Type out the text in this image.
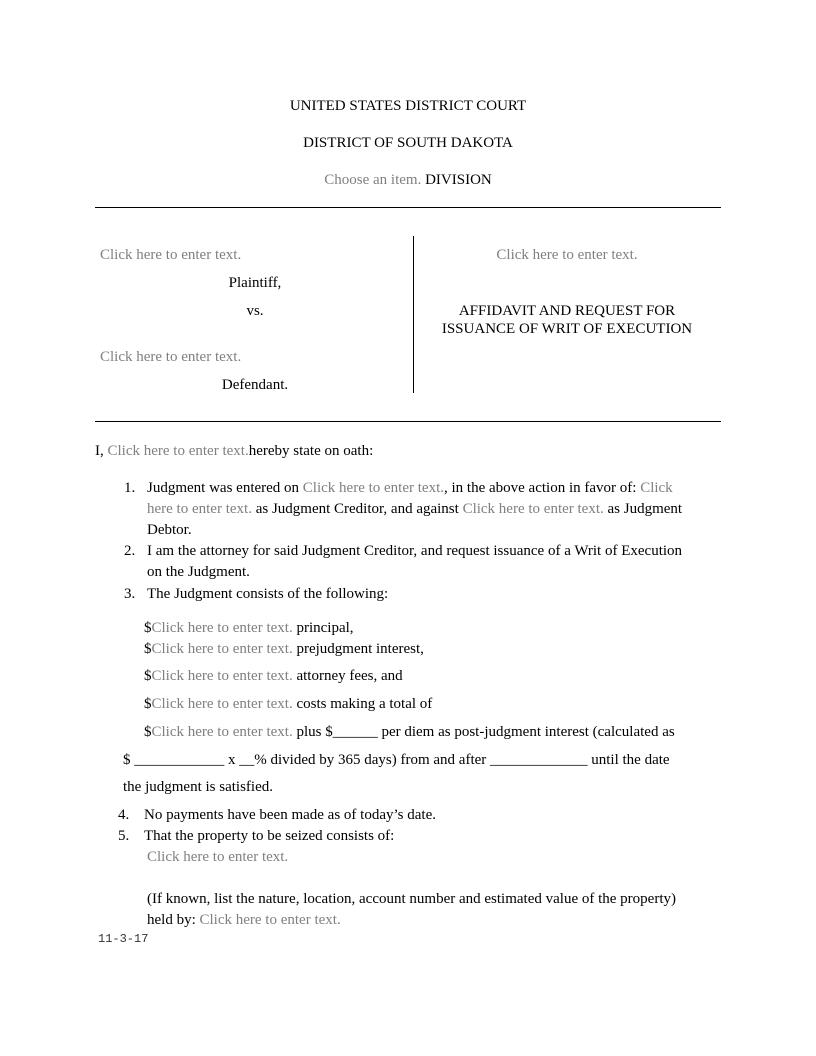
UNITED STATES DISTRICT COURT
DISTRICT OF SOUTH DAKOTA
Choose an item. DIVISION
Click here to enter text.
Plaintiff,
vs.
Click here to enter text.
Defendant.
Click here to enter text.
AFFIDAVIT AND REQUEST FOR
ISSUANCE OF WRIT OF EXECUTION
I, Click here to enter text.hereby state on oath:
1. Judgment was entered on Click here to enter text., in the above action in favor of: Click
here to enter text. as Judgment Creditor, and against Click here to enter text. as Judgment
Debtor.
2. I am the attorney for said Judgment Creditor, and request issuance of a Writ of Execution
on the Judgment.
3. The Judgment consists of the following:
$Click here to enter text. principal,
$Click here to enter text. prejudgment interest,
$Click here to enter text. attorney fees, and
$Click here to enter text. costs making a total of
$Click here to enter text. plus $______ per diem as post-judgment interest (calculated as
$ ____________ x __% divided by 365 days) from and after _____________ until the date
the judgment is satisfied.
4. No payments have been made as of today’s date.
5. That the property to be seized consists of:
Click here to enter text.
(If known, list the nature, location, account number and estimated value of the property)
held by: Click here to enter text.
11-3-17
